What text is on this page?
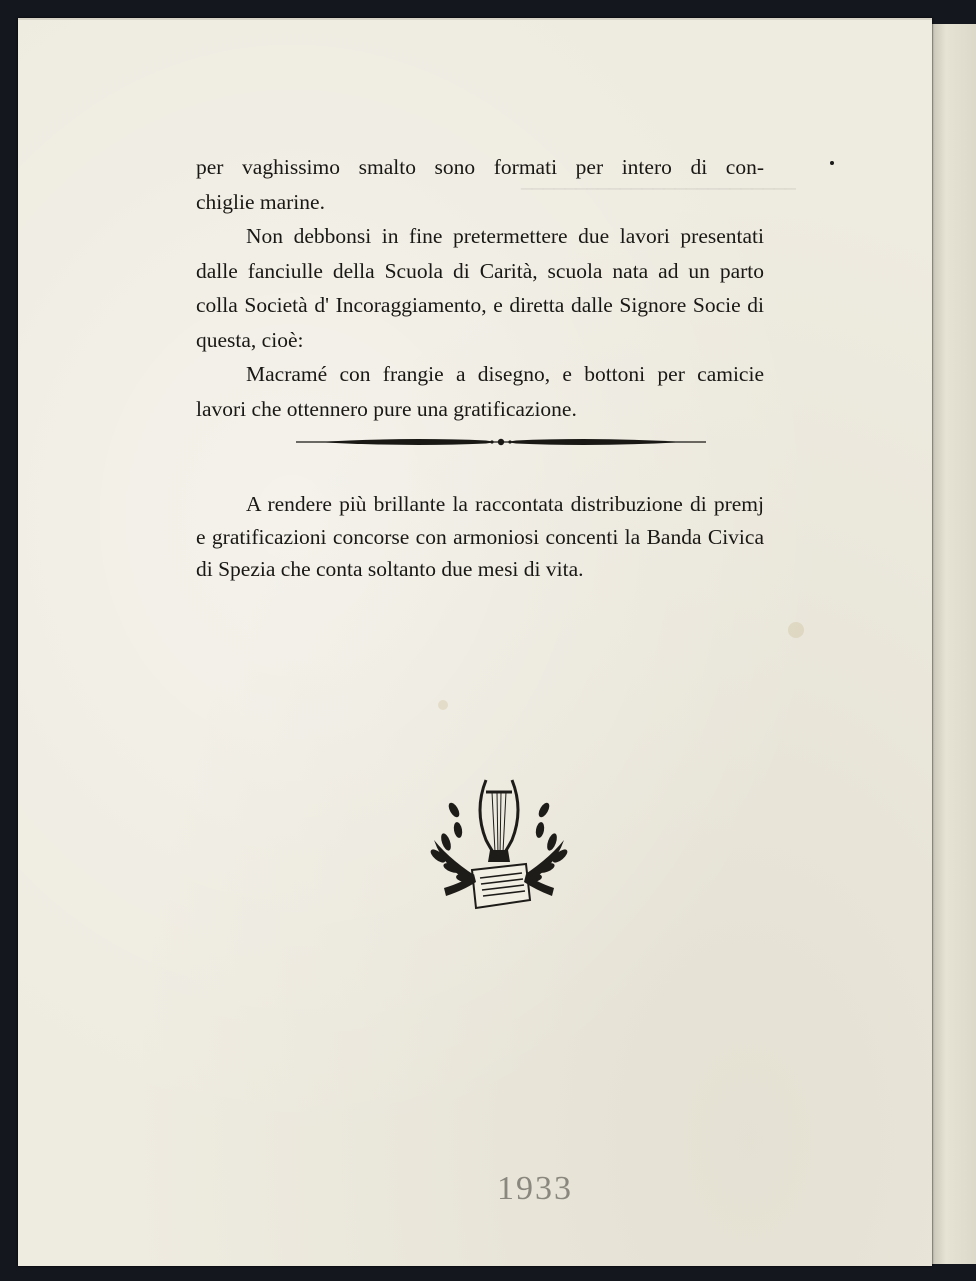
‒‒‒‒‒‒‒‒‒‒‒‒‒‒‒‒‒‒‒‒‒‒‒‒‒

per vaghissimo smalto sono formati per intero di con-

chiglie marine.

Non debbonsi in fine pretermettere due lavori presentati dalle fanciulle della Scuola di Carità, scuola nata ad un parto colla Società d' Incoraggiamento, e diretta dalle Signore Socie di questa, cioè:

Macramé con frangie a disegno, e bottoni per camicie lavori che ottennero pure una gratificazione.

A rendere più brillante la raccontata distribuzione di premj e gratificazioni concorse con armoniosi concenti la Banda Civica di Spezia che conta soltanto due mesi di vita.

1933
